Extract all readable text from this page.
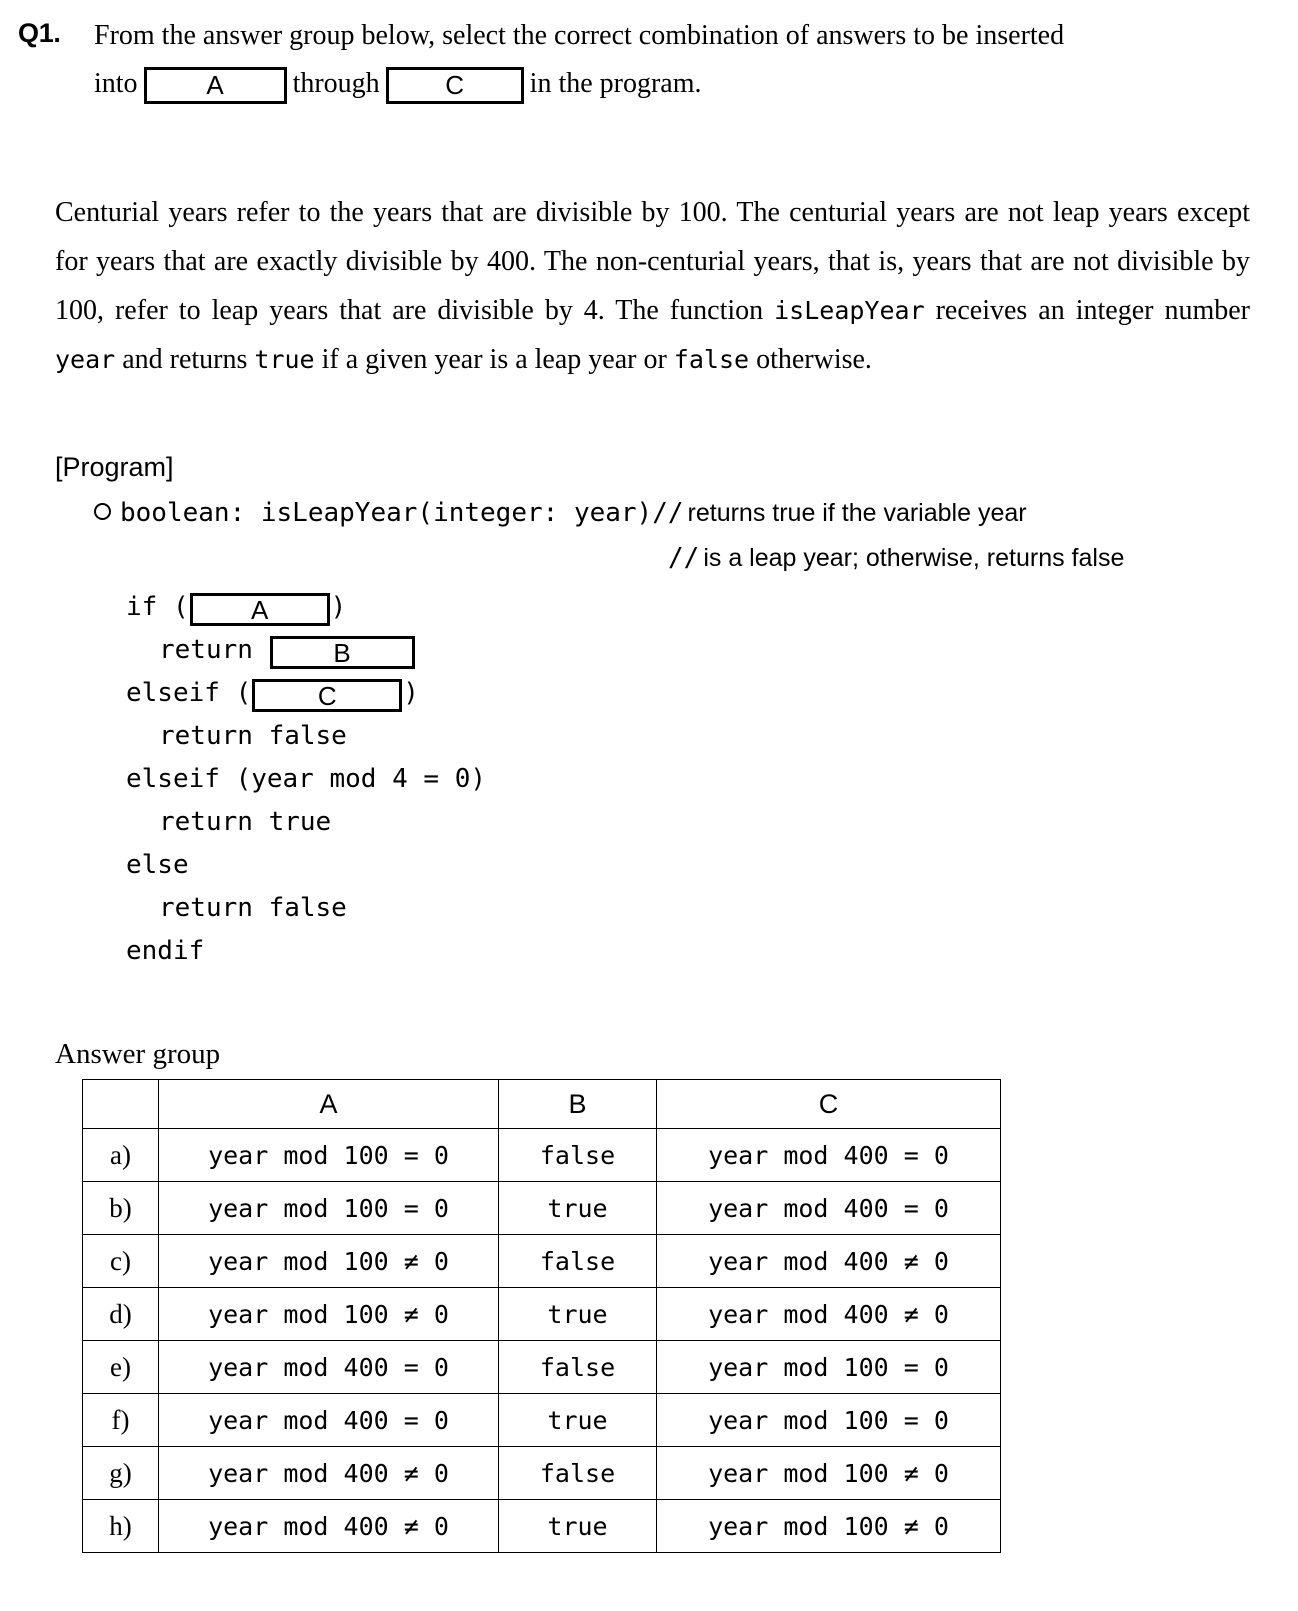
Q1. From the answer group below, select the correct combination of answers to be inserted
into	A through	C in the program.

Centurial years refer to the years that are divisible by 100. The centurial years are not leap years except for years that are exactly divisible by 400. The non-centurial years, that is, years that are not divisible by 100, refer to leap years that are divisible by 4. The function isLeapYear receives an integer number year and returns true if a given year is a leap year or false otherwise.

[Program]
boolean: isLeapYear(integer: year)// returns true if the variable year
// is a leap year; otherwise, returns false
if ( A )
return	B
elseif (	C	)
return false
elseif (year mod 4 = 0)
return true
else
return false
endif
Answer group
	A	B	C
a)	year mod 100 = 0	false	year mod 400 = 0
b)	year mod 100 = 0	true	year mod 400 = 0
c)	year mod 100 ≠ 0	false	year mod 400 ≠ 0
d)	year mod 100 ≠ 0	true	year mod 400 ≠ 0
e)	year mod 400 = 0	false	year mod 100 = 0
f)	year mod 400 = 0	true	year mod 100 = 0
g)	year mod 400 ≠ 0	false	year mod 100 ≠ 0
h)	year mod 400 ≠ 0	true	year mod 100 ≠ 0
